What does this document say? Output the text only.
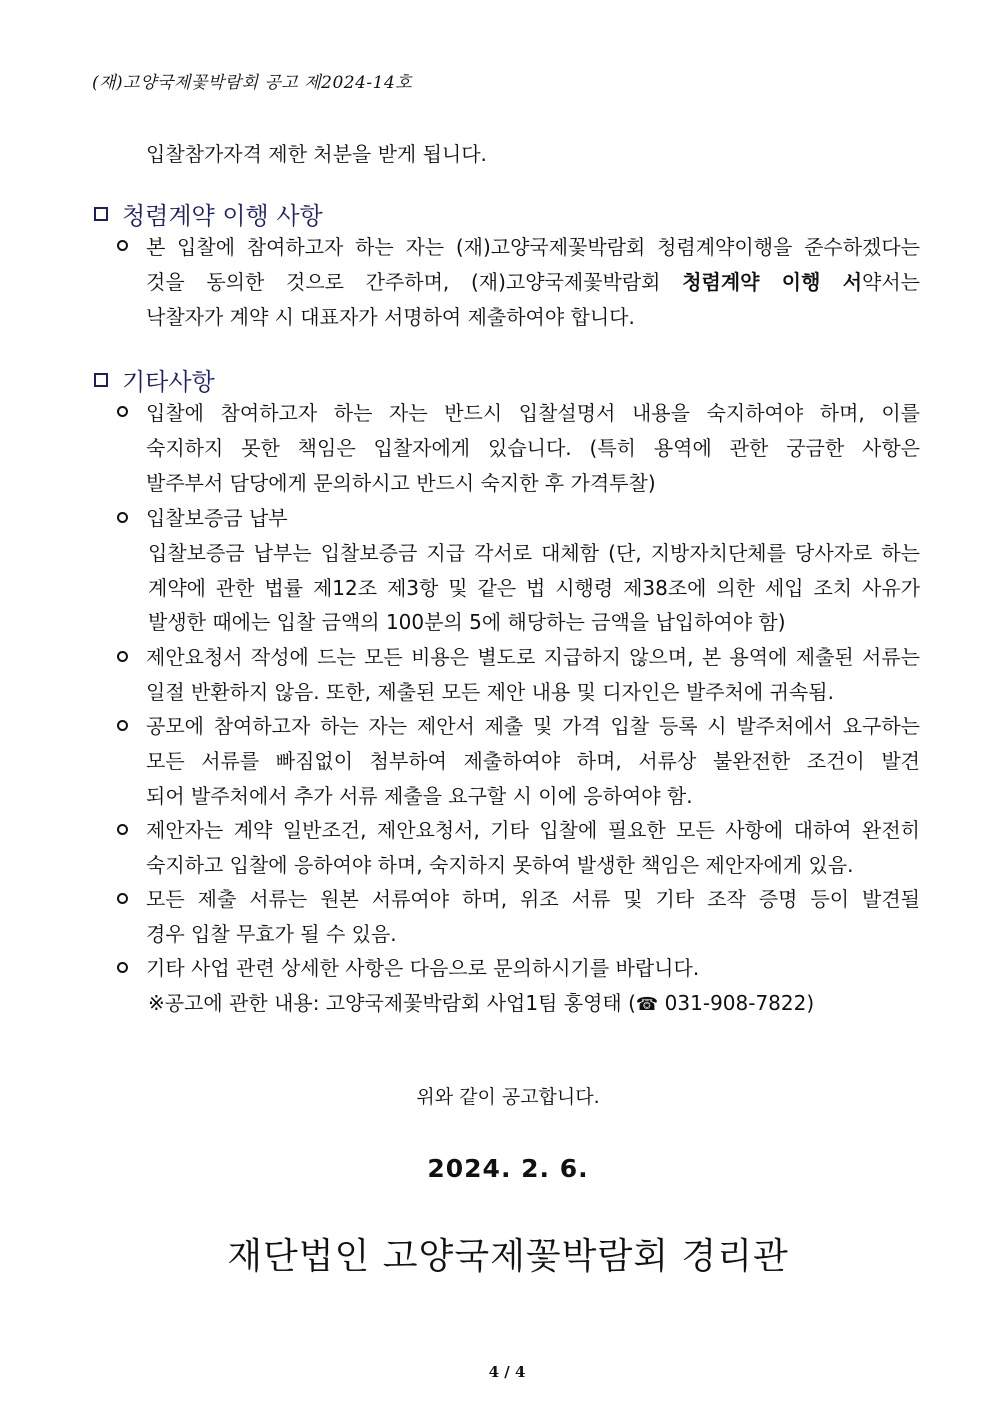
(재)고양국제꽃박람회 공고 제2024-14호
입찰참가자격 제한 처분을 받게 됩니다.
청렴계약 이행 사항
본 입찰에 참여하고자 하는 자는 (재)고양국제꽃박람회 청렴계약이행을 준수하겠다는
것을 동의한 것으로 간주하며, (재)고양국제꽃박람회 청렴계약 이행 서약서는
낙찰자가 계약 시 대표자가 서명하여 제출하여야 합니다.
기타사항
입찰에 참여하고자 하는 자는 반드시 입찰설명서 내용을 숙지하여야 하며, 이를
숙지하지 못한 책임은 입찰자에게 있습니다. (특히 용역에 관한 궁금한 사항은
발주부서 담당에게 문의하시고 반드시 숙지한 후 가격투찰)
입찰보증금 납부
입찰보증금 납부는 입찰보증금 지급 각서로 대체함 (단, 지방자치단체를 당사자로 하는
계약에 관한 법률 제12조 제3항 및 같은 법 시행령 제38조에 의한 세입 조치 사유가
발생한 때에는 입찰 금액의 100분의 5에 해당하는 금액을 납입하여야 함)
제안요청서 작성에 드는 모든 비용은 별도로 지급하지 않으며, 본 용역에 제출된 서류는
일절 반환하지 않음. 또한, 제출된 모든 제안 내용 및 디자인은 발주처에 귀속됨.
공모에 참여하고자 하는 자는 제안서 제출 및 가격 입찰 등록 시 발주처에서 요구하는
모든 서류를 빠짐없이 첨부하여 제출하여야 하며, 서류상 불완전한 조건이 발견
되어 발주처에서 추가 서류 제출을 요구할 시 이에 응하여야 함.
제안자는 계약 일반조건, 제안요청서, 기타 입찰에 필요한 모든 사항에 대하여 완전히
숙지하고 입찰에 응하여야 하며, 숙지하지 못하여 발생한 책임은 제안자에게 있음.
모든 제출 서류는 원본 서류여야 하며, 위조 서류 및 기타 조작 증명 등이 발견될
경우 입찰 무효가 될 수 있음.
기타 사업 관련 상세한 사항은 다음으로 문의하시기를 바랍니다.
※공고에 관한 내용: 고양국제꽃박람회 사업1팀 홍영태 (☎ 031-908-7822)
위와 같이 공고합니다.
2024. 2. 6.
재단법인 고양국제꽃박람회 경리관
4 / 4
